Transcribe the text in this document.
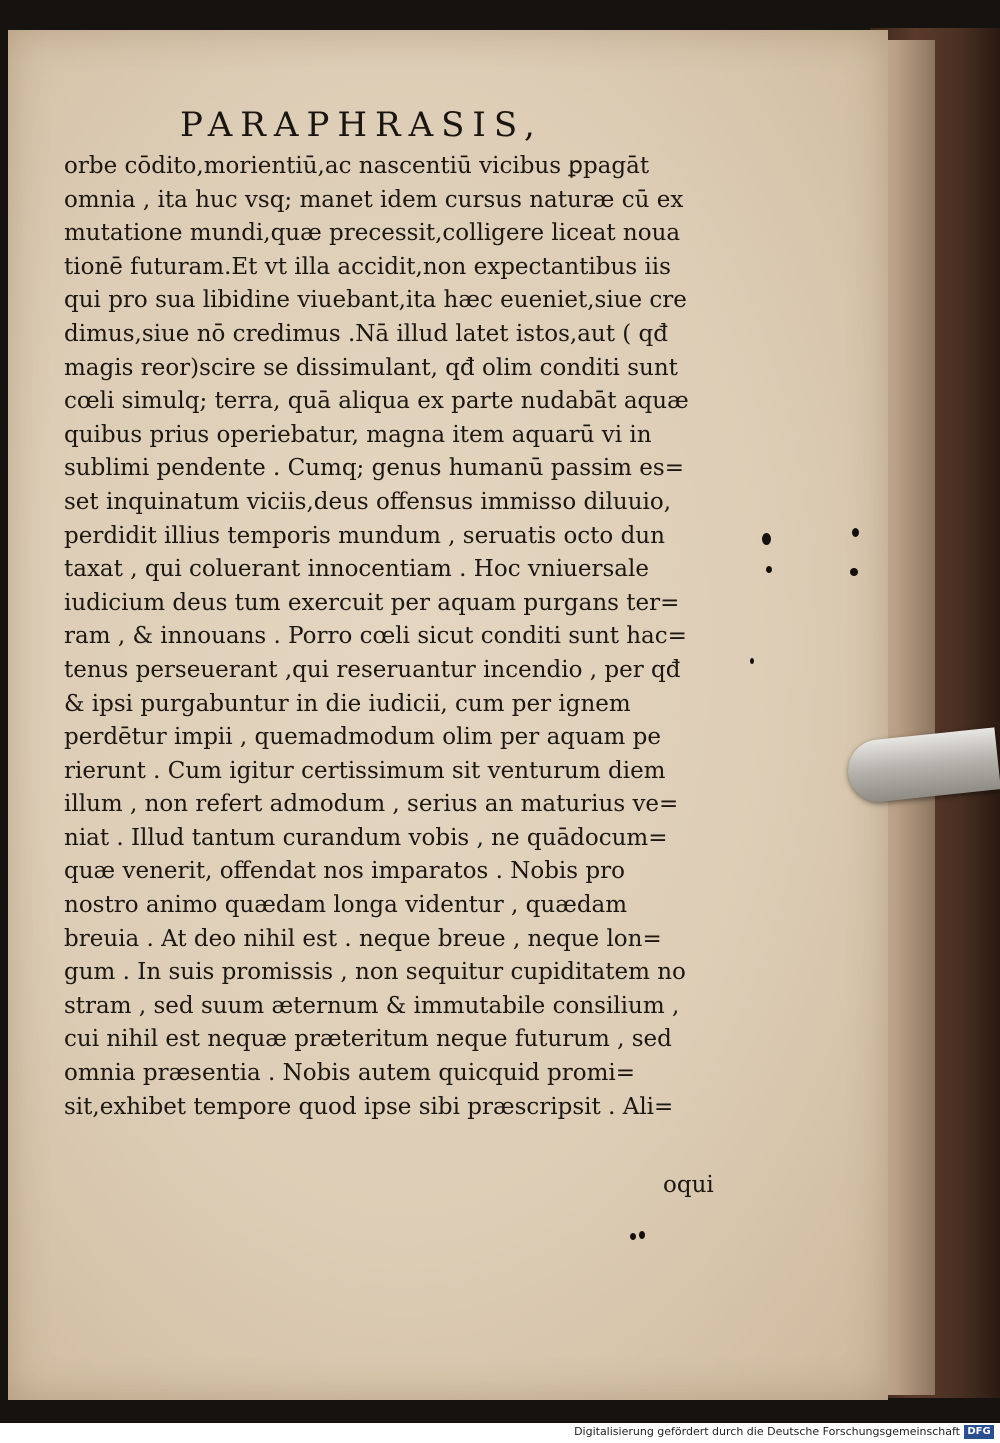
PARAPHRASIS,
orbe cōdito,morientiū,ac nascentiū vicibus ꝑpagāt
omnia , ita huc vsq; manet idem cursus naturæ cū ex
mutatione mundi,quæ precessit,colligere liceat noua
tionē futuram.Et vt illa accidit,non expectantibus iis
qui pro sua libidine viuebant,ita hæc eueniet,siue cre
dimus,siue nō credimus .Nā illud latet istos,aut ( qđ
magis reor)scire se dissimulant, qđ olim conditi sunt
cœli simulq; terra, quā aliqua ex parte nudabāt aquæ
quibus prius operiebatur, magna item aquarū vi in
sublimi pendente . Cumq; genus humanū passim es=
set inquinatum viciis,deus offensus immisso diluuio,
perdidit illius temporis mundum , seruatis octo dun
taxat , qui coluerant innocentiam . Hoc vniuersale
iudicium deus tum exercuit per aquam purgans ter=
ram , & innouans . Porro cœli sicut conditi sunt hac=
tenus perseuerant ,qui reseruantur incendio , per qđ
& ipsi purgabuntur in die iudicii, cum per ignem
perdētur impii , quemadmodum olim per aquam pe
rierunt . Cum igitur certissimum sit venturum diem
illum , non refert admodum , serius an maturius ve=
niat . Illud tantum curandum vobis , ne quādocum=
quæ venerit, offendat nos imparatos . Nobis pro
nostro animo quædam longa videntur , quædam
breuia . At deo nihil est . neque breue , neque lon=
gum . In suis promissis , non sequitur cupiditatem no
stram , sed suum æternum & immutabile consilium ,
cui nihil est nequæ præteritum neque futurum , sed
omnia præsentia . Nobis autem quicquid promi=
sit,exhibet tempore quod ipse sibi præscripsit . Ali=
oqui
Digitalisierung gefördert durch die Deutsche Forschungsgemeinschaft DFG
